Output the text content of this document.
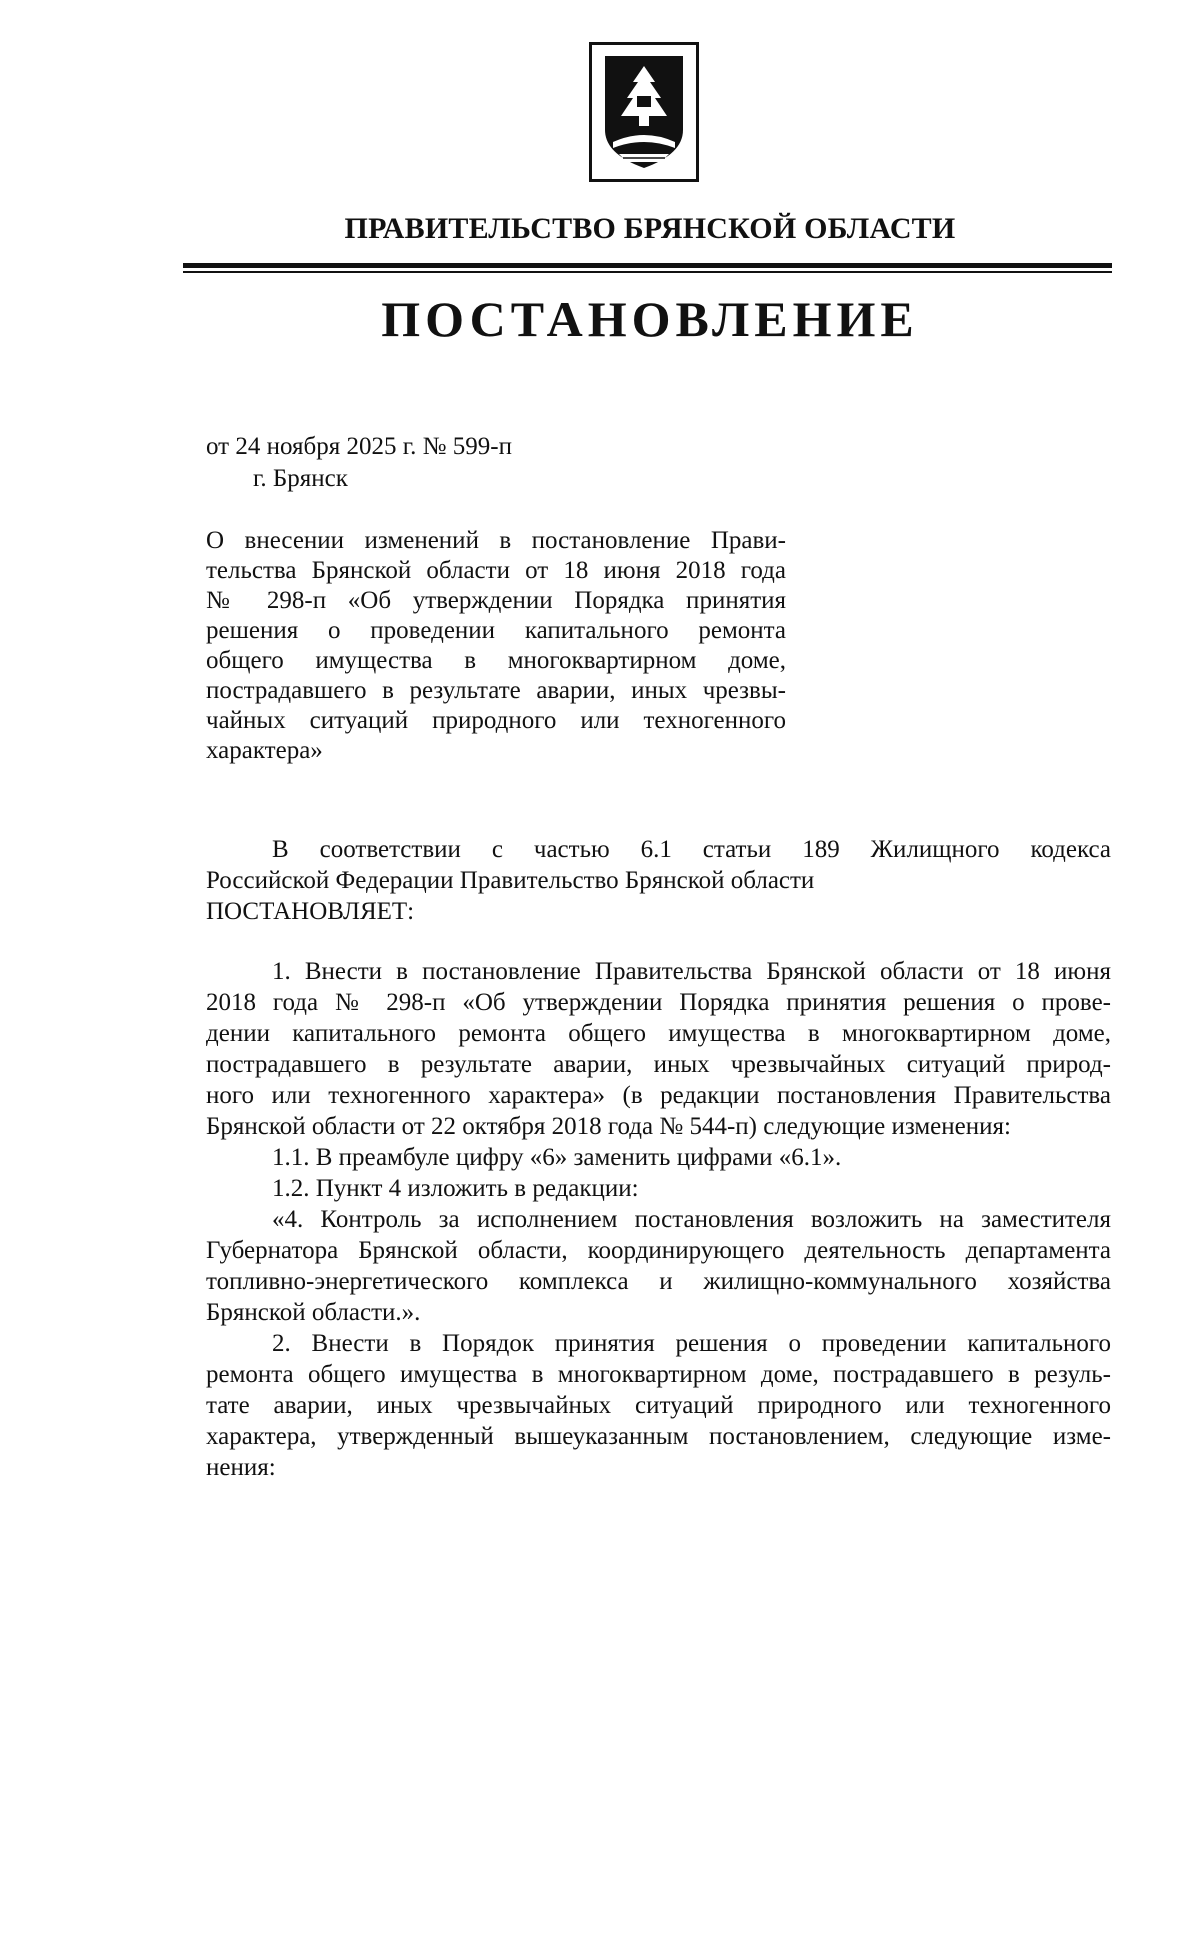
ПРАВИТЕЛЬСТВО БРЯНСКОЙ ОБЛАСТИ
ПОСТАНОВЛЕНИЕ
от 24 ноября 2025 г. № 599-п
г. Брянск
О внесении изменений в постановление Прави-
тельства Брянской области от 18 июня 2018 года
№ 298-п «Об утверждении Порядка принятия
решения о проведении капитального ремонта
общего имущества в многоквартирном доме,
пострадавшего в результате аварии, иных чрезвы-
чайных ситуаций природного или техногенного
характера»
В соответствии с частью 6.1 статьи 189 Жилищного кодекса
Российской Федерации Правительство Брянской области
ПОСТАНОВЛЯЕТ:
1. Внести в постановление Правительства Брянской области от 18 июня
2018 года № 298-п «Об утверждении Порядка принятия решения о прове-
дении капитального ремонта общего имущества в многоквартирном доме,
пострадавшего в результате аварии, иных чрезвычайных ситуаций природ-
ного или техногенного характера» (в редакции постановления Правительства
Брянской области от 22 октября 2018 года № 544-п) следующие изменения:
1.1. В преамбуле цифру «6» заменить цифрами «6.1».
1.2. Пункт 4 изложить в редакции:
«4. Контроль за исполнением постановления возложить на заместителя
Губернатора Брянской области, координирующего деятельность департамента
топливно-энергетического комплекса и жилищно-коммунального хозяйства
Брянской области.».
2. Внести в Порядок принятия решения о проведении капитального
ремонта общего имущества в многоквартирном доме, пострадавшего в резуль-
тате аварии, иных чрезвычайных ситуаций природного или техногенного
характера, утвержденный вышеуказанным постановлением, следующие изме-
нения:
